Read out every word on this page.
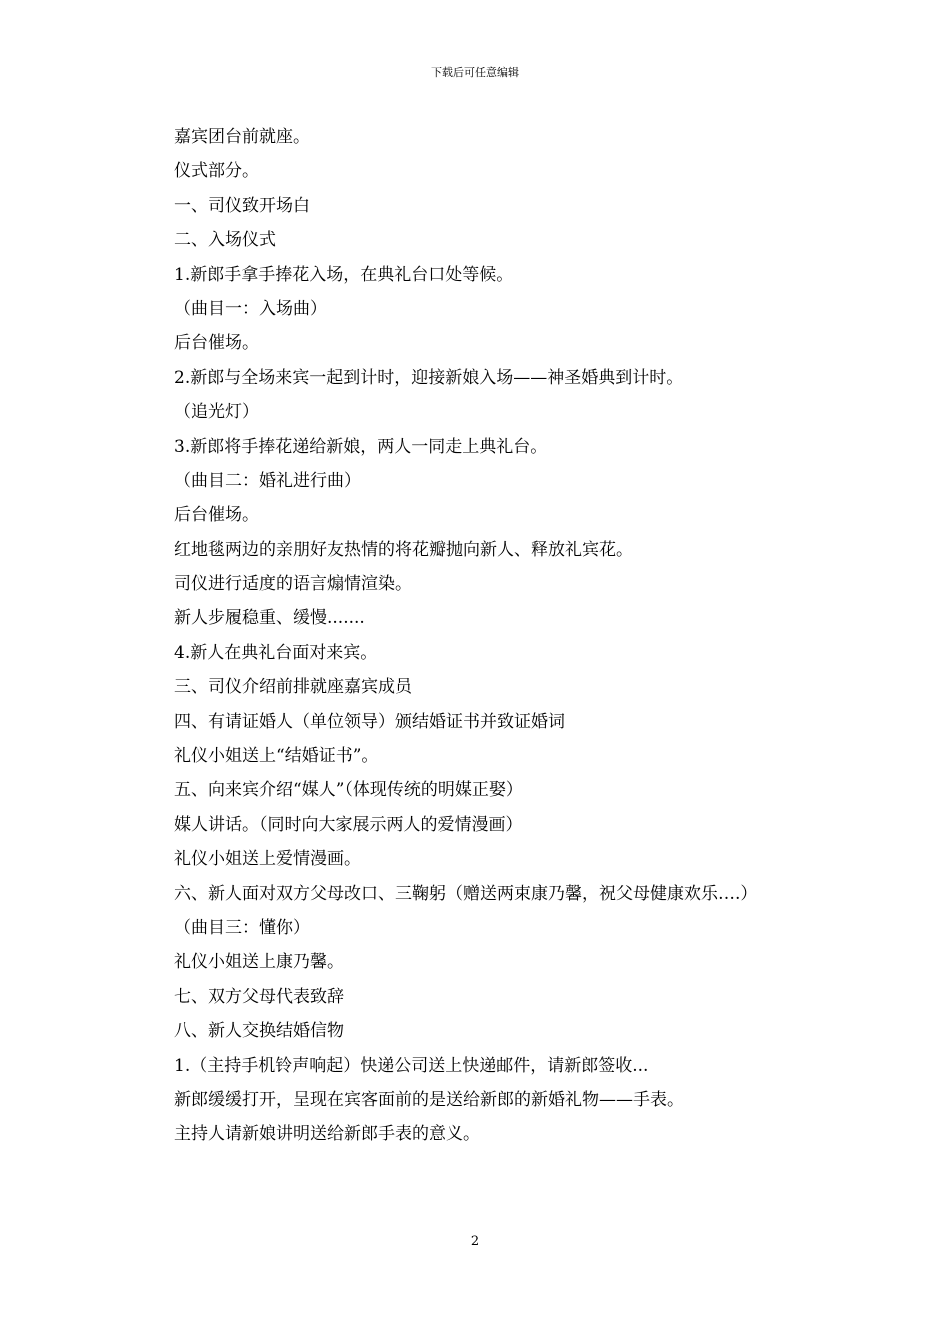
下载后可任意编辑
嘉宾团台前就座。
仪式部分。
一、司仪致开场白
二、入场仪式
1.新郎手拿手捧花入场，在典礼台口处等候。
（曲目一：入场曲）
后台催场。
2.新郎与全场来宾一起到计时，迎接新娘入场——神圣婚典到计时。
（追光灯）
3.新郎将手捧花递给新娘，两人一同走上典礼台。
（曲目二：婚礼进行曲）
后台催场。
红地毯两边的亲朋好友热情的将花瓣抛向新人、释放礼宾花。
司仪进行适度的语言煽情渲染。
新人步履稳重、缓慢.......
4.新人在典礼台面对来宾。
三、司仪介绍前排就座嘉宾成员
四、有请证婚人（单位领导）颁结婚证书并致证婚词
礼仪小姐送上“结婚证书”。
五、向来宾介绍“媒人”（体现传统的明媒正娶）
媒人讲话。（同时向大家展示两人的爱情漫画）
礼仪小姐送上爱情漫画。
六、新人面对双方父母改口、三鞠躬（赠送两束康乃馨，祝父母健康欢乐….）
（曲目三：懂你）
礼仪小姐送上康乃馨。
七、双方父母代表致辞
八、新人交换结婚信物
1.（主持手机铃声响起）快递公司送上快递邮件，请新郎签收...
新郎缓缓打开，呈现在宾客面前的是送给新郎的新婚礼物——手表。
主持人请新娘讲明送给新郎手表的意义。
2
